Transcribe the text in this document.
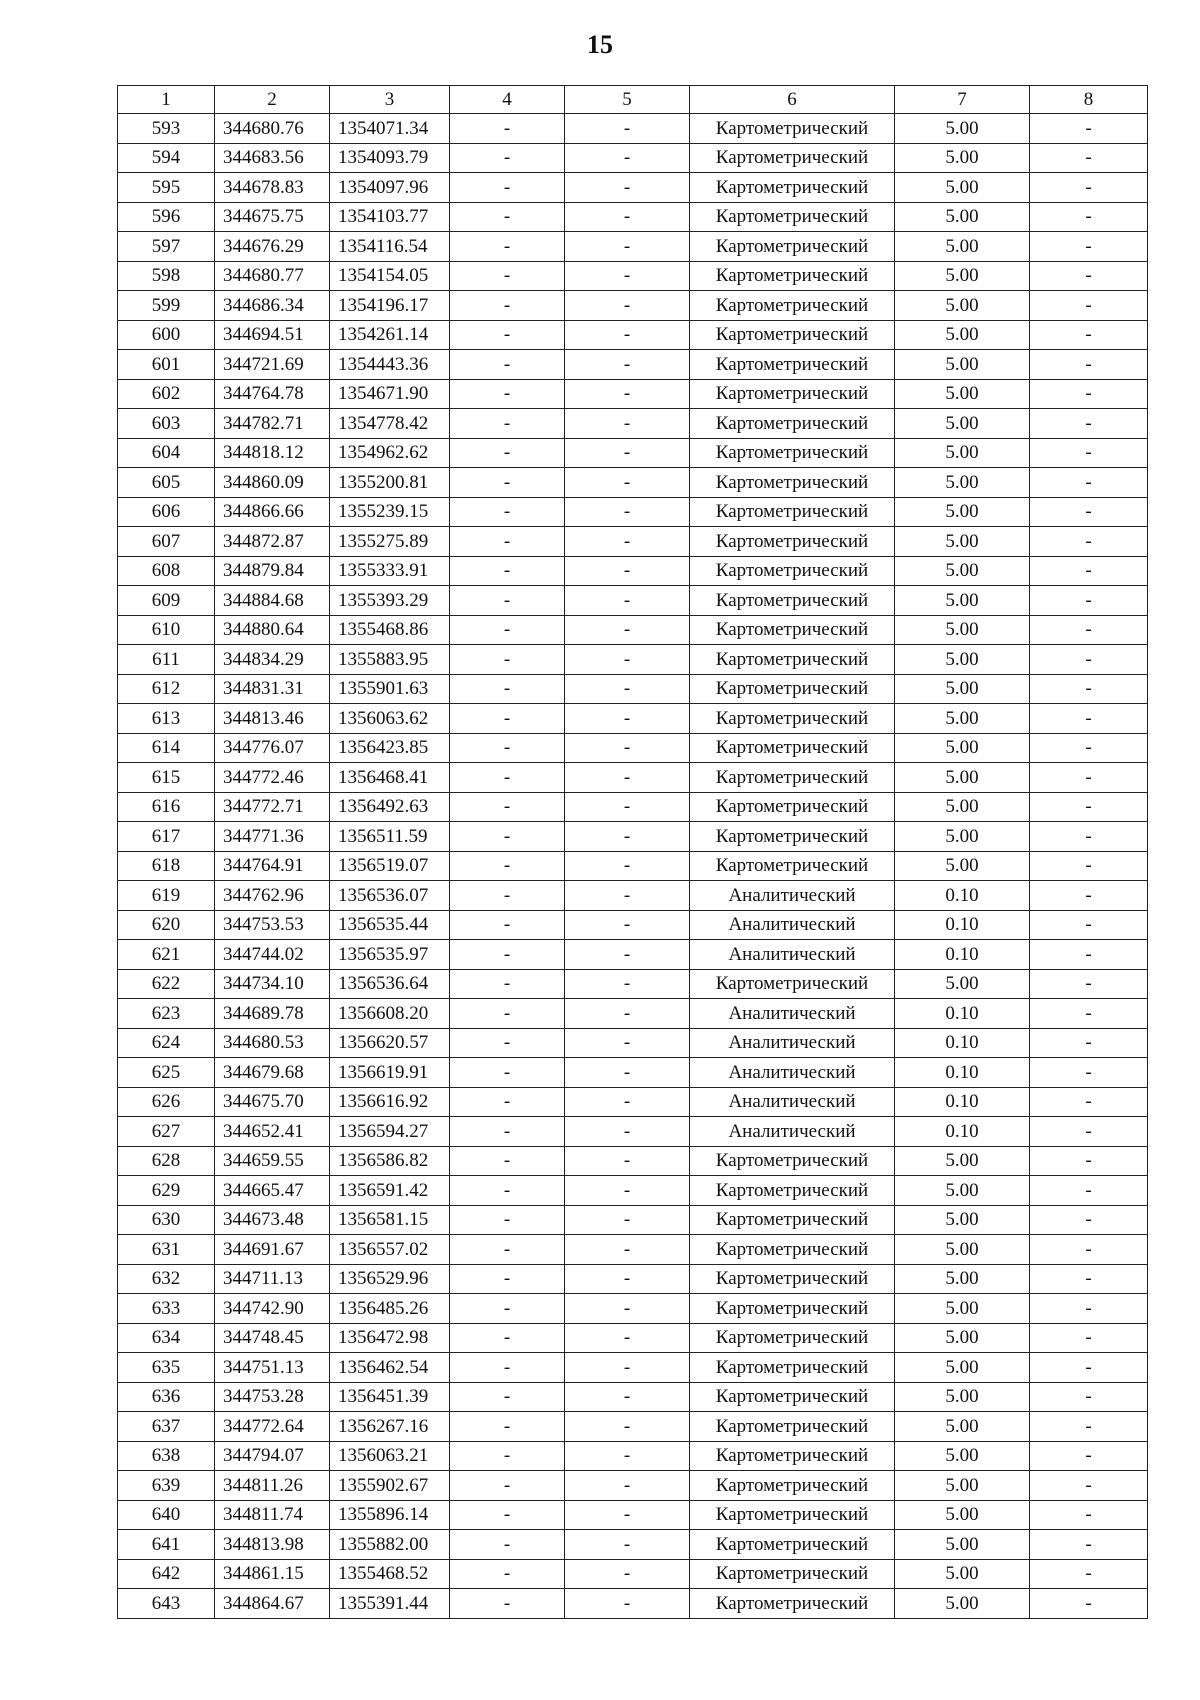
15
1	2	3	4	5	6	7	8
593	344680.76	1354071.34	-	-	Картометрический	5.00	-
594	344683.56	1354093.79	-	-	Картометрический	5.00	-
595	344678.83	1354097.96	-	-	Картометрический	5.00	-
596	344675.75	1354103.77	-	-	Картометрический	5.00	-
597	344676.29	1354116.54	-	-	Картометрический	5.00	-
598	344680.77	1354154.05	-	-	Картометрический	5.00	-
599	344686.34	1354196.17	-	-	Картометрический	5.00	-
600	344694.51	1354261.14	-	-	Картометрический	5.00	-
601	344721.69	1354443.36	-	-	Картометрический	5.00	-
602	344764.78	1354671.90	-	-	Картометрический	5.00	-
603	344782.71	1354778.42	-	-	Картометрический	5.00	-
604	344818.12	1354962.62	-	-	Картометрический	5.00	-
605	344860.09	1355200.81	-	-	Картометрический	5.00	-
606	344866.66	1355239.15	-	-	Картометрический	5.00	-
607	344872.87	1355275.89	-	-	Картометрический	5.00	-
608	344879.84	1355333.91	-	-	Картометрический	5.00	-
609	344884.68	1355393.29	-	-	Картометрический	5.00	-
610	344880.64	1355468.86	-	-	Картометрический	5.00	-
611	344834.29	1355883.95	-	-	Картометрический	5.00	-
612	344831.31	1355901.63	-	-	Картометрический	5.00	-
613	344813.46	1356063.62	-	-	Картометрический	5.00	-
614	344776.07	1356423.85	-	-	Картометрический	5.00	-
615	344772.46	1356468.41	-	-	Картометрический	5.00	-
616	344772.71	1356492.63	-	-	Картометрический	5.00	-
617	344771.36	1356511.59	-	-	Картометрический	5.00	-
618	344764.91	1356519.07	-	-	Картометрический	5.00	-
619	344762.96	1356536.07	-	-	Аналитический	0.10	-
620	344753.53	1356535.44	-	-	Аналитический	0.10	-
621	344744.02	1356535.97	-	-	Аналитический	0.10	-
622	344734.10	1356536.64	-	-	Картометрический	5.00	-
623	344689.78	1356608.20	-	-	Аналитический	0.10	-
624	344680.53	1356620.57	-	-	Аналитический	0.10	-
625	344679.68	1356619.91	-	-	Аналитический	0.10	-
626	344675.70	1356616.92	-	-	Аналитический	0.10	-
627	344652.41	1356594.27	-	-	Аналитический	0.10	-
628	344659.55	1356586.82	-	-	Картометрический	5.00	-
629	344665.47	1356591.42	-	-	Картометрический	5.00	-
630	344673.48	1356581.15	-	-	Картометрический	5.00	-
631	344691.67	1356557.02	-	-	Картометрический	5.00	-
632	344711.13	1356529.96	-	-	Картометрический	5.00	-
633	344742.90	1356485.26	-	-	Картометрический	5.00	-
634	344748.45	1356472.98	-	-	Картометрический	5.00	-
635	344751.13	1356462.54	-	-	Картометрический	5.00	-
636	344753.28	1356451.39	-	-	Картометрический	5.00	-
637	344772.64	1356267.16	-	-	Картометрический	5.00	-
638	344794.07	1356063.21	-	-	Картометрический	5.00	-
639	344811.26	1355902.67	-	-	Картометрический	5.00	-
640	344811.74	1355896.14	-	-	Картометрический	5.00	-
641	344813.98	1355882.00	-	-	Картометрический	5.00	-
642	344861.15	1355468.52	-	-	Картометрический	5.00	-
643	344864.67	1355391.44	-	-	Картометрический	5.00	-
